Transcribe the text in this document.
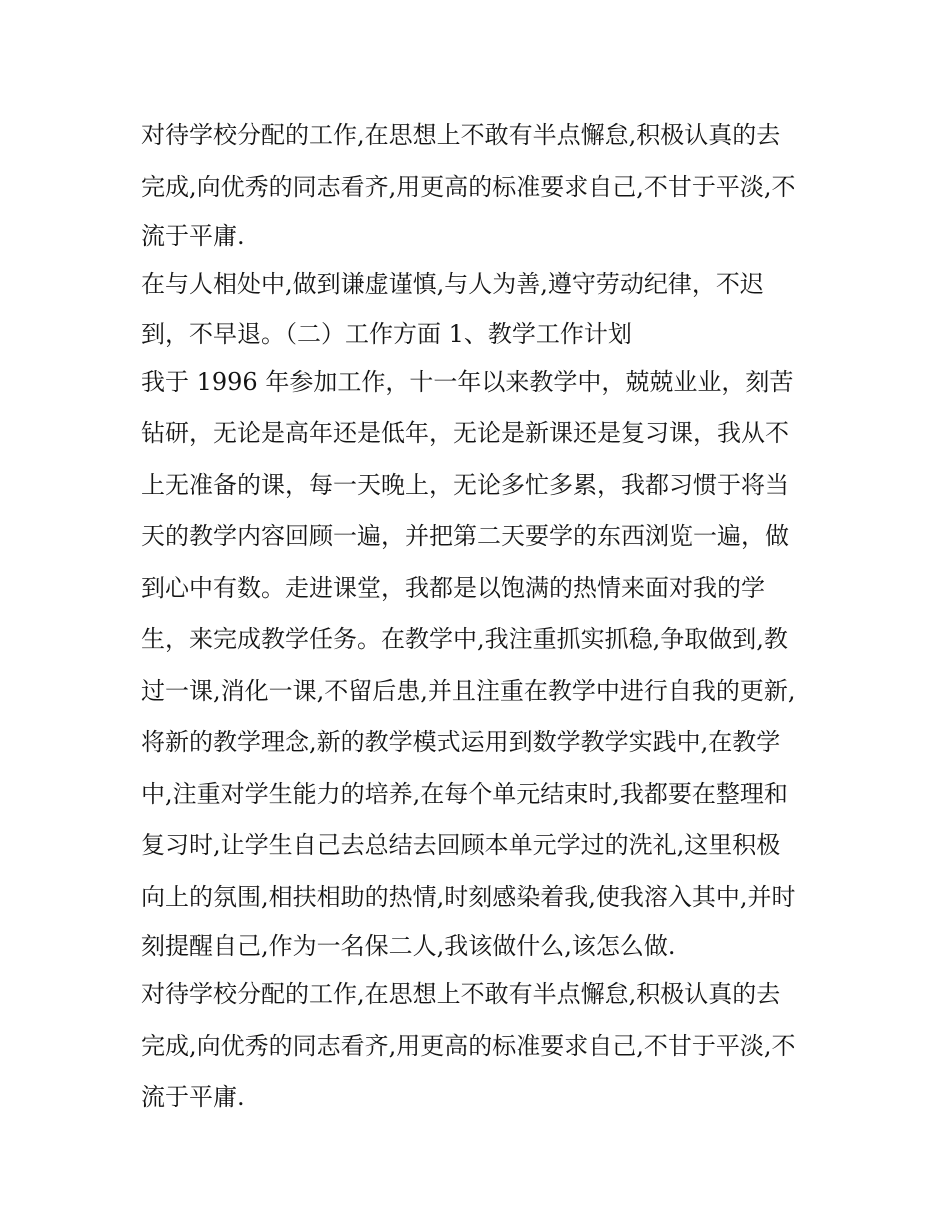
对待学校分配的工作,在思想上不敢有半点懈怠,积极认真的去
完成,向优秀的同志看齐,用更高的标准要求自己,不甘于平淡,不
流于平庸.
在与人相处中,做到谦虚谨慎,与人为善,遵守劳动纪律，不迟
到，不早退。（二）工作方面 1、教学工作计划
我于 1996 年参加工作，十一年以来教学中，兢兢业业，刻苦
钻研，无论是高年还是低年，无论是新课还是复习课，我从不
上无准备的课，每一天晚上，无论多忙多累，我都习惯于将当
天的教学内容回顾一遍，并把第二天要学的东西浏览一遍，做
到心中有数。走进课堂，我都是以饱满的热情来面对我的学
生，来完成教学任务。在教学中,我注重抓实抓稳,争取做到,教
过一课,消化一课,不留后患,并且注重在教学中进行自我的更新,
将新的教学理念,新的教学模式运用到数学教学实践中,在教学
中,注重对学生能力的培养,在每个单元结束时,我都要在整理和
复习时,让学生自己去总结去回顾本单元学过的洗礼,这里积极
向上的氛围,相扶相助的热情,时刻感染着我,使我溶入其中,并时
刻提醒自己,作为一名保二人,我该做什么,该怎么做.
对待学校分配的工作,在思想上不敢有半点懈怠,积极认真的去
完成,向优秀的同志看齐,用更高的标准要求自己,不甘于平淡,不
流于平庸.
